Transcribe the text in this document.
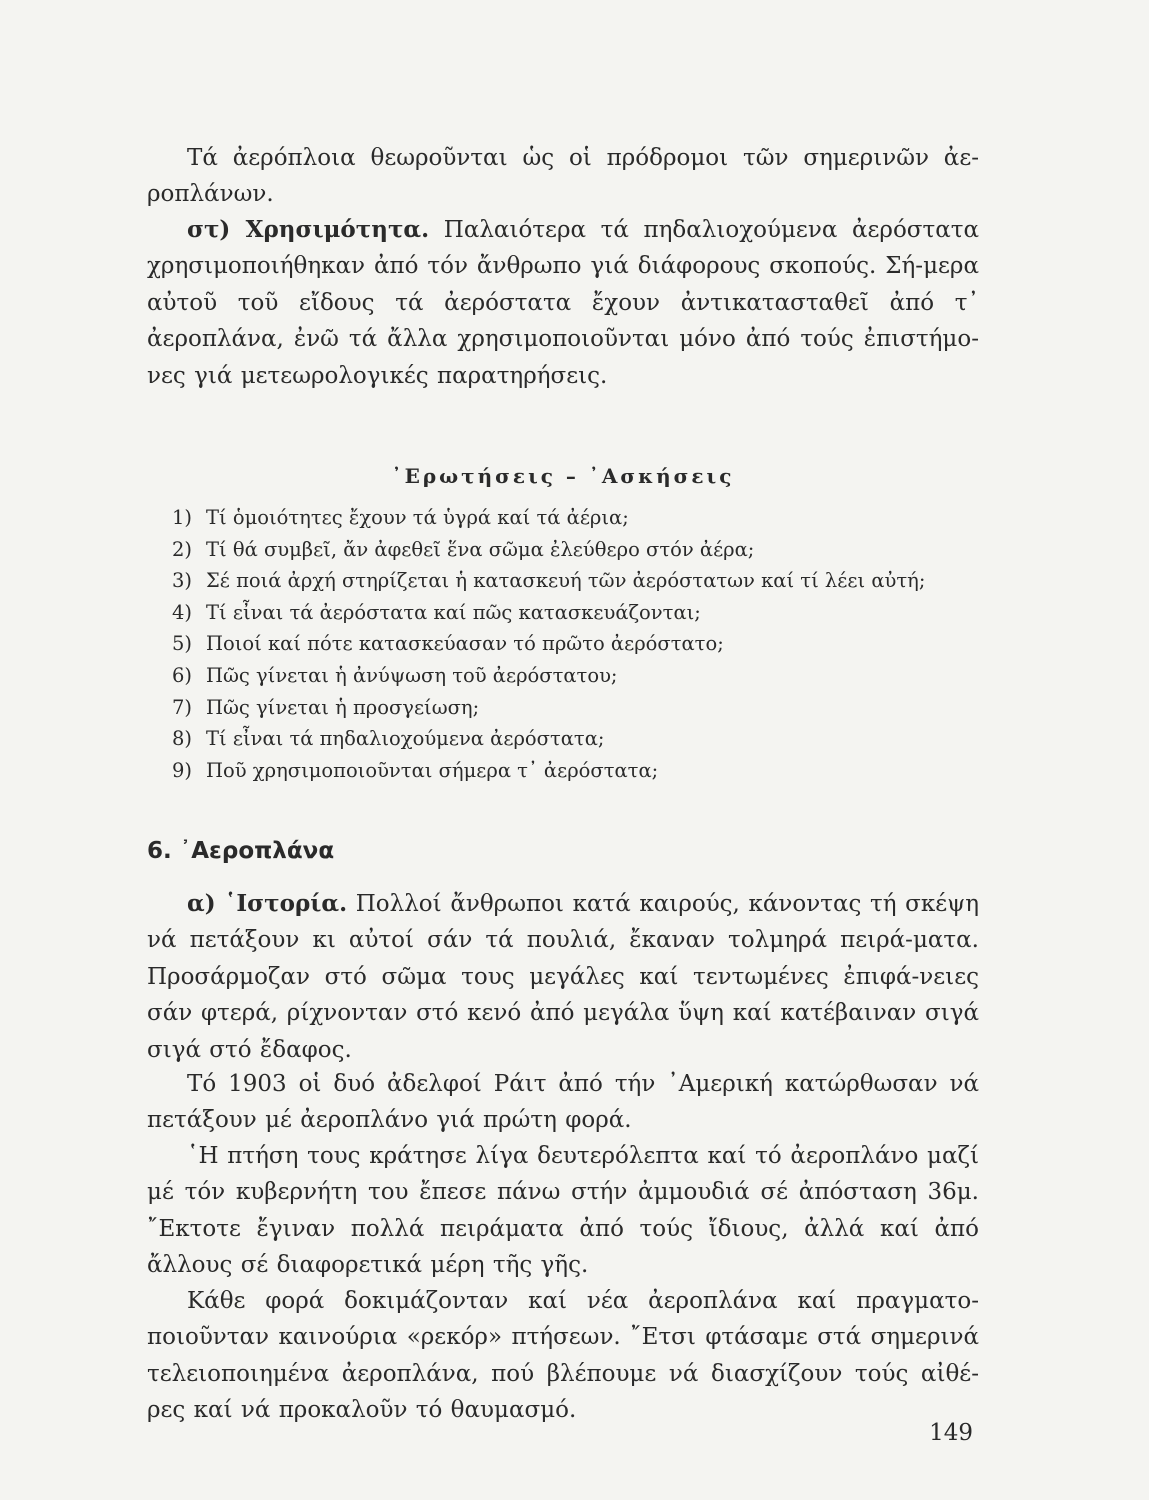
Τά ἀερόπλοια θεωροῦνται ὡς οἱ πρόδρομοι τῶν σημερινῶν ἀε-ροπλάνων.

στ) Χρησιμότητα. Παλαιότερα τά πηδαλιοχούμενα ἀερόστατα χρησιμοποιήθηκαν ἀπό τόν ἄνθρωπο γιά διάφορους σκοπούς. Σή-μερα αὐτοῦ τοῦ εἴδους τά ἀερόστατα ἔχουν ἀντικατασταθεῖ ἀπό τ᾽ ἀεροπλάνα, ἐνῶ τά ἄλλα χρησιμοποιοῦνται μόνο ἀπό τούς ἐπιστήμο-νες γιά μετεωρολογικές παρατηρήσεις.

᾽Ερωτήσεις – ᾽Ασκήσεις
1) Τί ὁμοιότητες ἔχουν τά ὑγρά καί τά ἀέρια;
2) Τί θά συμβεῖ, ἄν ἀφεθεῖ ἕνα σῶμα ἐλεύθερο στόν ἀέρα;
3) Σέ ποιά ἀρχή στηρίζεται ἡ κατασκευή τῶν ἀερόστατων καί τί λέει αὐτή;
4) Τί εἶναι τά ἀερόστατα καί πῶς κατασκευάζονται;
5) Ποιοί καί πότε κατασκεύασαν τό πρῶτο ἀερόστατο;
6) Πῶς γίνεται ἡ ἀνύψωση τοῦ ἀερόστατου;
7) Πῶς γίνεται ἡ προσγείωση;
8) Τί εἶναι τά πηδαλιοχούμενα ἀερόστατα;
9) Ποῦ χρησιμοποιοῦνται σήμερα τ᾽ ἀερόστατα;
6. ᾽Αεροπλάνα

α) ῾Ιστορία. Πολλοί ἄνθρωποι κατά καιρούς, κάνοντας τή σκέψη νά πετάξουν κι αὐτοί σάν τά πουλιά, ἔκαναν τολμηρά πειρά-ματα. Προσάρμοζαν στό σῶμα τους μεγάλες καί τεντωμένες ἐπιφά-νειες σάν φτερά, ρίχνονταν στό κενό ἀπό μεγάλα ὕψη καί κατέβαιναν σιγά σιγά στό ἔδαφος.

Τό 1903 οἱ δυό ἀδελφοί Ράιτ ἀπό τήν ᾽Αμερική κατώρθωσαν νά πετάξουν μέ ἀεροπλάνο γιά πρώτη φορά.

῾Η πτήση τους κράτησε λίγα δευτερόλεπτα καί τό ἀεροπλάνο μαζί μέ τόν κυβερνήτη του ἔπεσε πάνω στήν ἀμμουδιά σέ ἀπόσταση 36μ. ῎Εκτοτε ἔγιναν πολλά πειράματα ἀπό τούς ἴδιους, ἀλλά καί ἀπό ἄλλους σέ διαφορετικά μέρη τῆς γῆς.

Κάθε φορά δοκιμάζονταν καί νέα ἀεροπλάνα καί πραγματο-ποιοῦνταν καινούρια «ρεκόρ» πτήσεων. ῎Ετσι φτάσαμε στά σημερινά τελειοποιημένα ἀεροπλάνα, πού βλέπουμε νά διασχίζουν τούς αἰθέ-ρες καί νά προκαλοῦν τό θαυμασμό.

149
